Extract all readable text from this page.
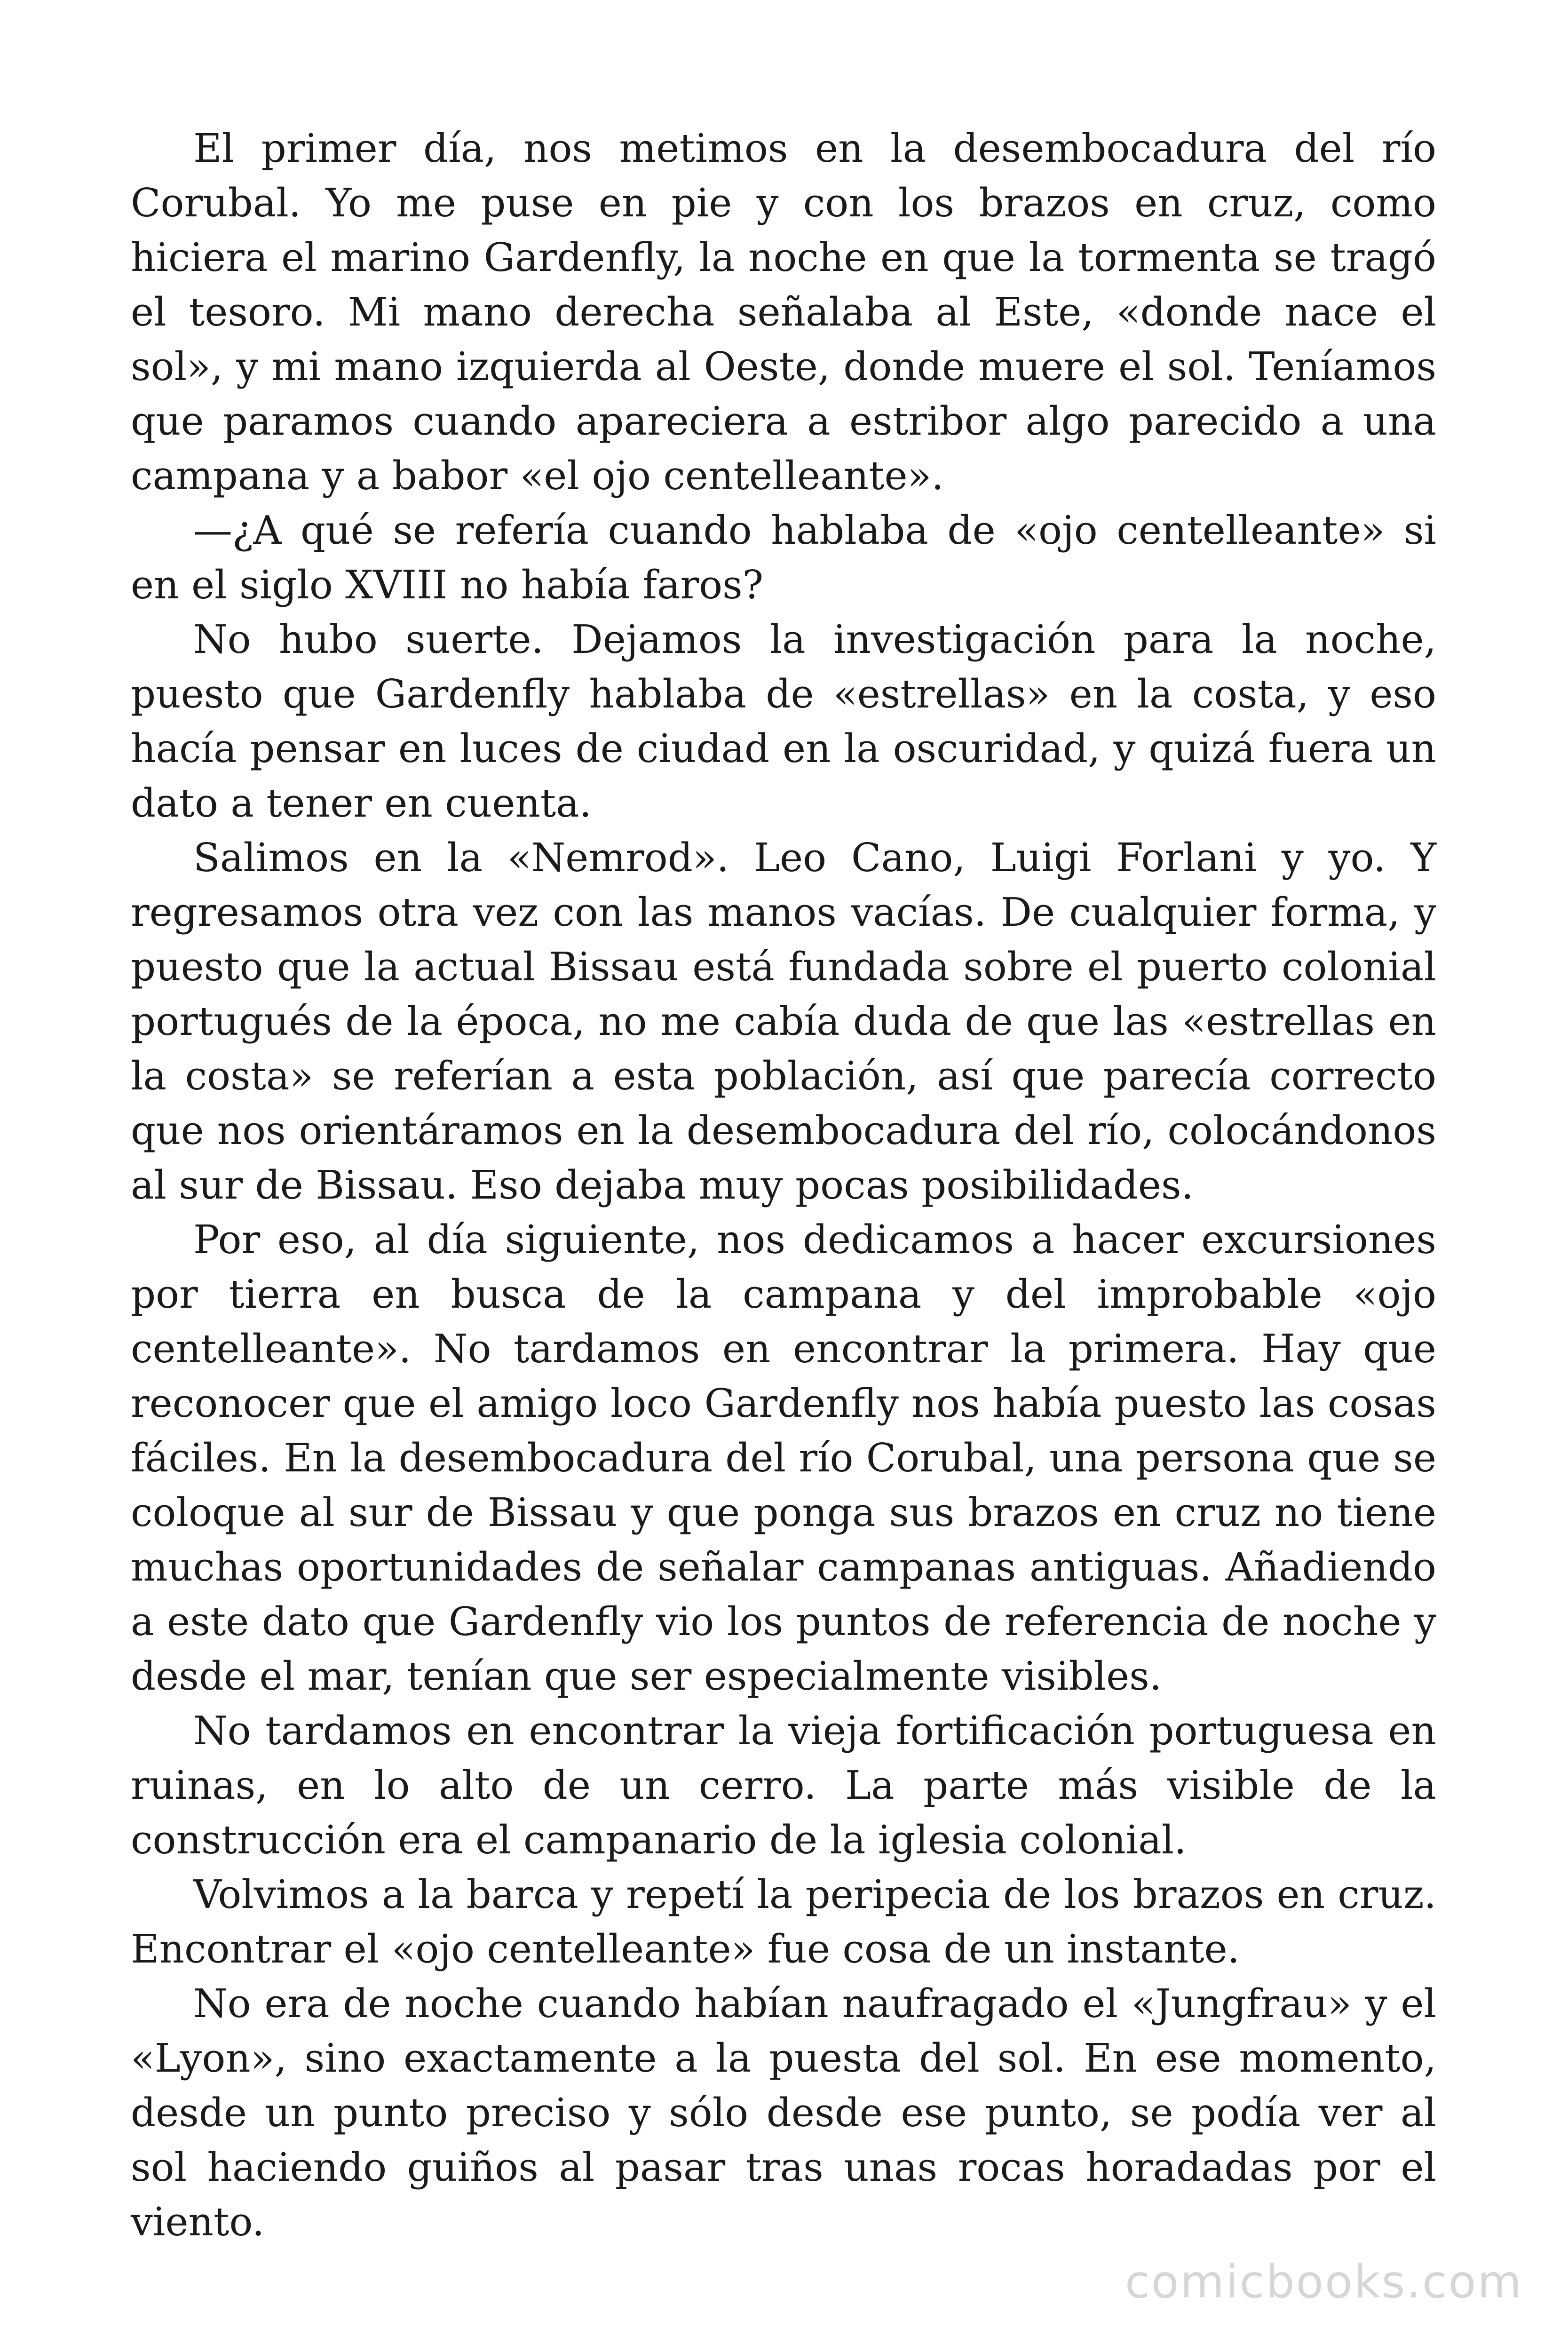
El primer día, nos metimos en la desembocadura del río Corubal. Yo me puse en pie y con los brazos en cruz, como hiciera el marino Gardenfly, la noche en que la tormenta se tragó el tesoro. Mi mano derecha señalaba al Este, «donde nace el sol», y mi mano izquierda al Oeste, donde muere el sol. Teníamos que paramos cuando apareciera a estribor algo parecido a una campana y a babor «el ojo centelleante».

—¿A qué se refería cuando hablaba de «ojo centelleante» si en el siglo XVIII no había faros?

No hubo suerte. Dejamos la investigación para la noche, puesto que Gardenfly hablaba de «estrellas» en la costa, y eso hacía pensar en luces de ciudad en la oscuridad, y quizá fuera un dato a tener en cuenta.

Salimos en la «Nemrod». Leo Cano, Luigi Forlani y yo. Y regresamos otra vez con las manos vacías. De cualquier forma, y puesto que la actual Bissau está fundada sobre el puerto colonial portugués de la época, no me cabía duda de que las «estrellas en la costa» se referían a esta población, así que parecía correcto que nos orientáramos en la desembocadura del río, colocándonos al sur de Bissau. Eso dejaba muy pocas posibilidades.

Por eso, al día siguiente, nos dedicamos a hacer excursiones por tierra en busca de la campana y del improbable «ojo centelleante». No tardamos en encontrar la primera. Hay que reconocer que el amigo loco Gardenfly nos había puesto las cosas fáciles. En la desembocadura del río Corubal, una persona que se coloque al sur de Bissau y que ponga sus brazos en cruz no tiene muchas oportunidades de señalar campanas antiguas. Añadiendo a este dato que Gardenfly vio los puntos de referencia de noche y desde el mar, tenían que ser especialmente visibles.

No tardamos en encontrar la vieja fortificación portuguesa en ruinas, en lo alto de un cerro. La parte más visible de la construcción era el campanario de la iglesia colonial.

Volvimos a la barca y repetí la peripecia de los brazos en cruz. Encontrar el «ojo centelleante» fue cosa de un instante.

No era de noche cuando habían naufragado el «Jungfrau» y el «Lyon», sino exactamente a la puesta del sol. En ese momento, desde un punto preciso y sólo desde ese punto, se podía ver al sol haciendo guiños al pasar tras unas rocas horadadas por el viento.

comicbooks.com
